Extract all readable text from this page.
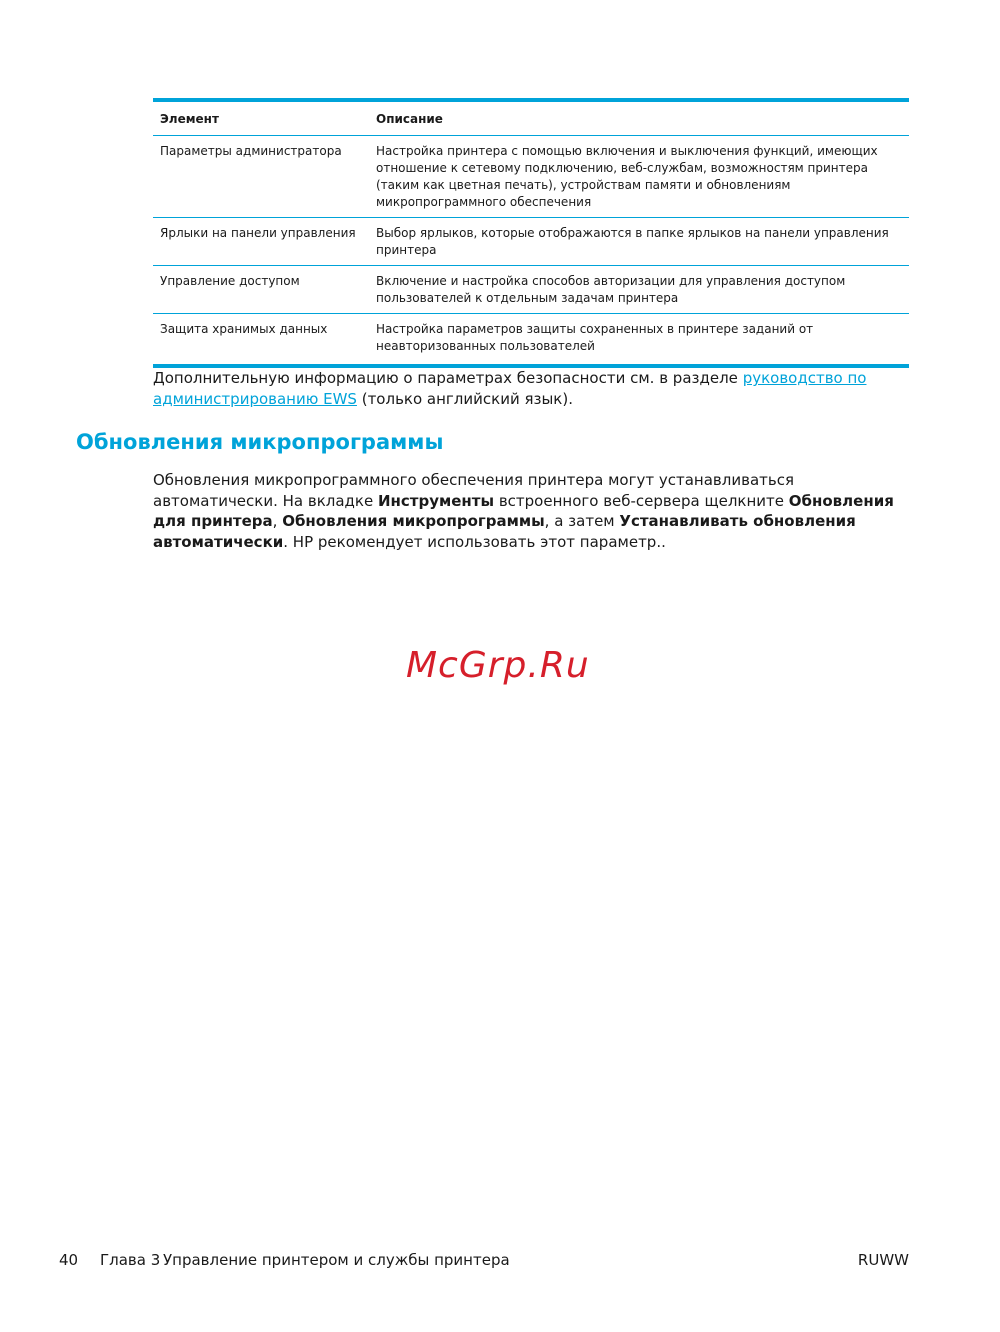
Элемент	Описание
Параметры администратора	Настройка принтера с помощью включения и выключения функций, имеющих отношение к сетевому подключению, веб-службам, возможностям принтера (таким как цветная печать), устройствам памяти и обновлениям микропрограммного обеспечения
Ярлыки на панели управления	Выбор ярлыков, которые отображаются в папке ярлыков на панели управления принтера
Управление доступом	Включение и настройка способов авторизации для управления доступом пользователей к отдельным задачам принтера
Защита хранимых данных	Настройка параметров защиты сохраненных в принтере заданий от неавторизованных пользователей

Дополнительную информацию о параметрах безопасности см. в разделе руководство по администрированию EWS (только английский язык).

Обновления микропрограммы

Обновления микропрограммного обеспечения принтера могут устанавливаться автоматически. На вкладке Инструменты встроенного веб-сервера щелкните Обновления для принтера, Обновления микропрограммы, а затем Устанавливать обновления автоматически. HP рекомендует использовать этот параметр..

McGrp.Ru
40 Глава 3 Управление принтером и службы принтера	RUWW
